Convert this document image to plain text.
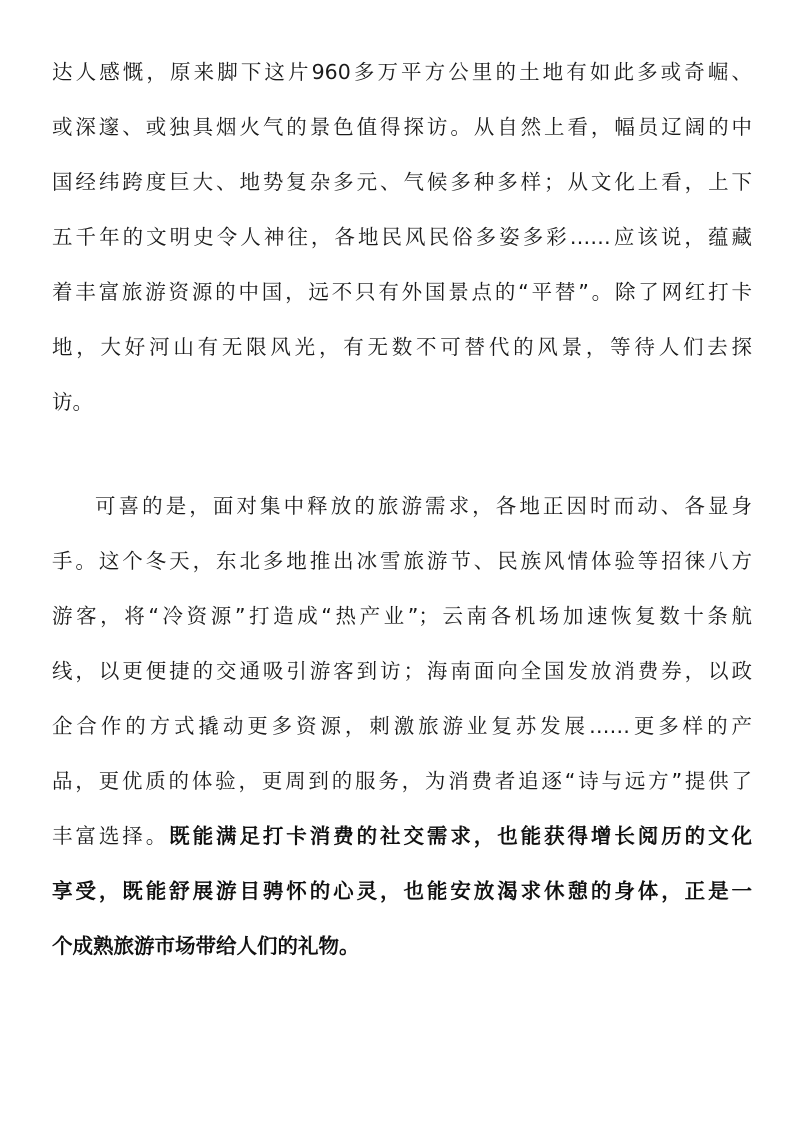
达人感慨，原来脚下这片960多万平方公里的土地有如此多或奇崛、
或深邃、或独具烟火气的景色值得探访。从自然上看，幅员辽阔的中
国经纬跨度巨大、地势复杂多元、气候多种多样；从文化上看，上下
五千年的文明史令人神往，各地民风民俗多姿多彩……应该说，蕴藏
着丰富旅游资源的中国，远不只有外国景点的“平替”。除了网红打卡
地，大好河山有无限风光，有无数不可替代的风景，等待人们去探
访。
可喜的是，面对集中释放的旅游需求，各地正因时而动、各显身
手。这个冬天，东北多地推出冰雪旅游节、民族风情体验等招徕八方
游客，将“冷资源”打造成“热产业”；云南各机场加速恢复数十条航
线，以更便捷的交通吸引游客到访；海南面向全国发放消费券，以政
企合作的方式撬动更多资源，刺激旅游业复苏发展……更多样的产
品，更优质的体验，更周到的服务，为消费者追逐“诗与远方”提供了
丰富选择。既能满足打卡消费的社交需求，也能获得增长阅历的文化
享受，既能舒展游目骋怀的心灵，也能安放渴求休憩的身体，正是一
个成熟旅游市场带给人们的礼物。
